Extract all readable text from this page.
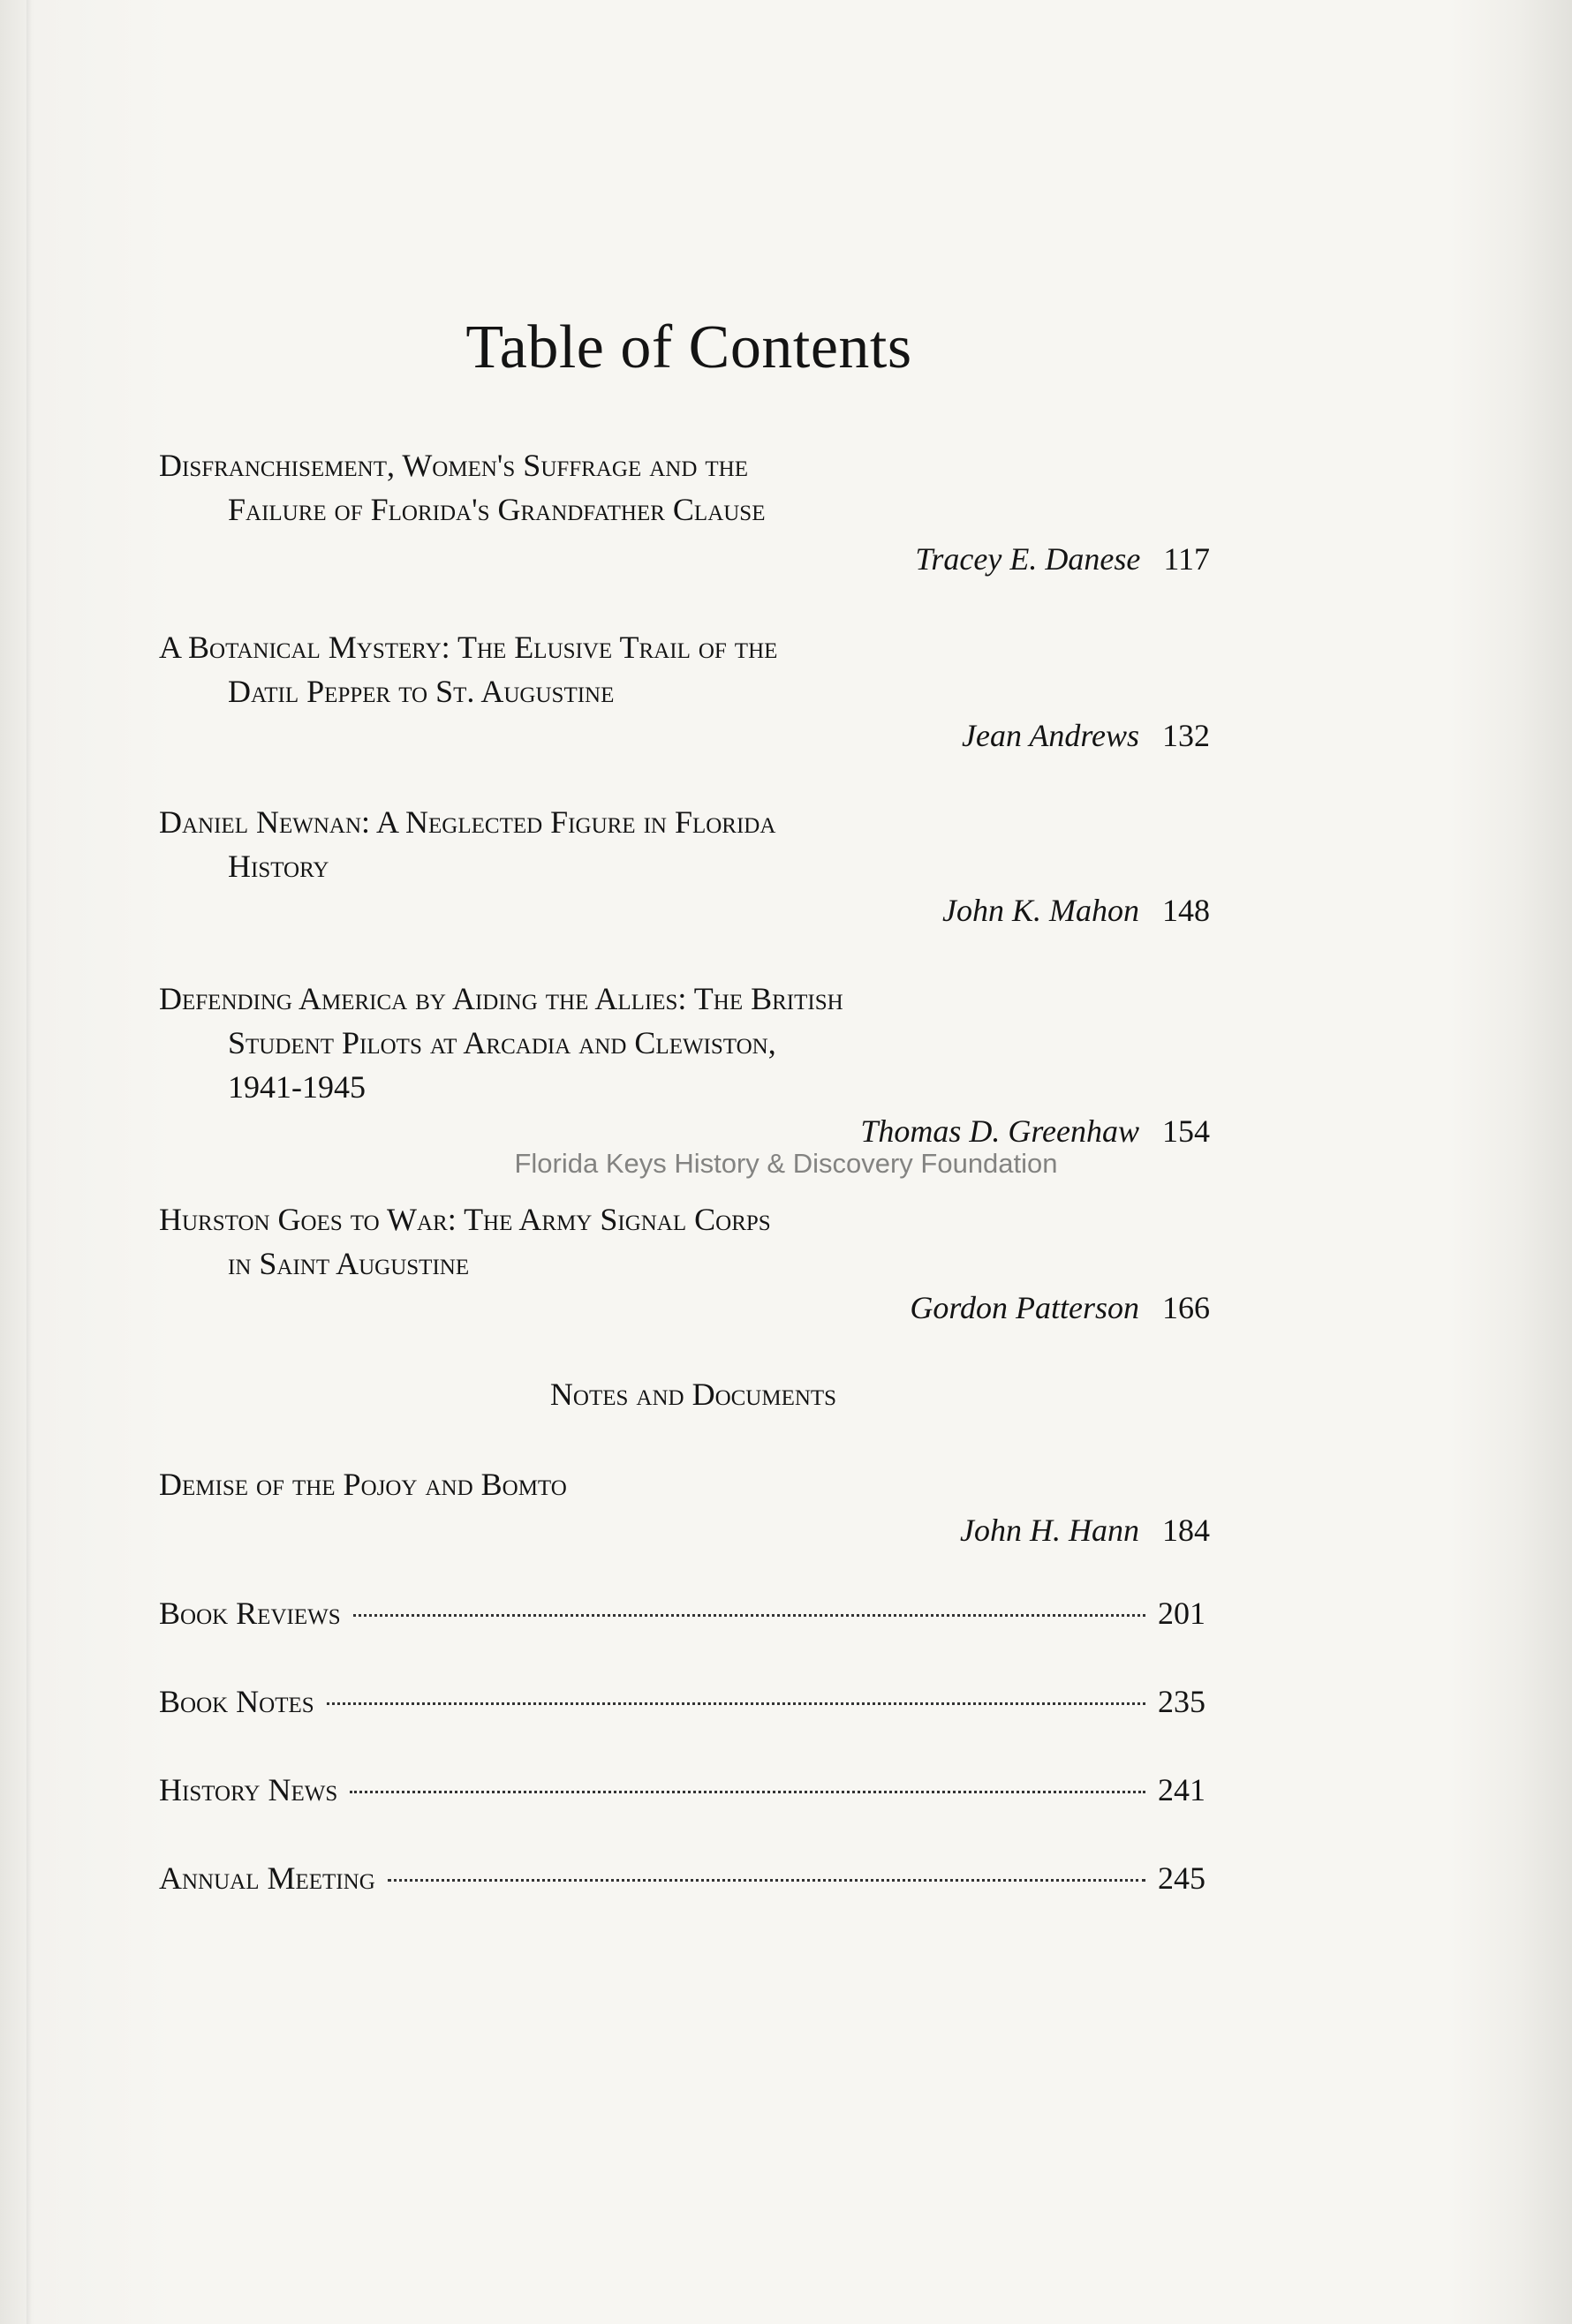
Table of Contents
Disfranchisement, Women's Suffrage and the
Failure of Florida's Grandfather Clause
Tracey E. Danese 117
A Botanical Mystery: The Elusive Trail of the
Datil Pepper to St. Augustine
Jean Andrews 132
Daniel Newnan: A Neglected Figure in Florida
History
John K. Mahon 148
Defending America by Aiding the Allies: The British
Student Pilots at Arcadia and Clewiston,
1941-1945
Thomas D. Greenhaw 154
Florida Keys History & Discovery Foundation
Hurston Goes to War: The Army Signal Corps
in Saint Augustine
Gordon Patterson 166
Notes and Documents
Demise of the Pojoy and Bomto
John H. Hann 184
Book Reviews	201
Book Notes	235
History News	241
Annual Meeting	245
